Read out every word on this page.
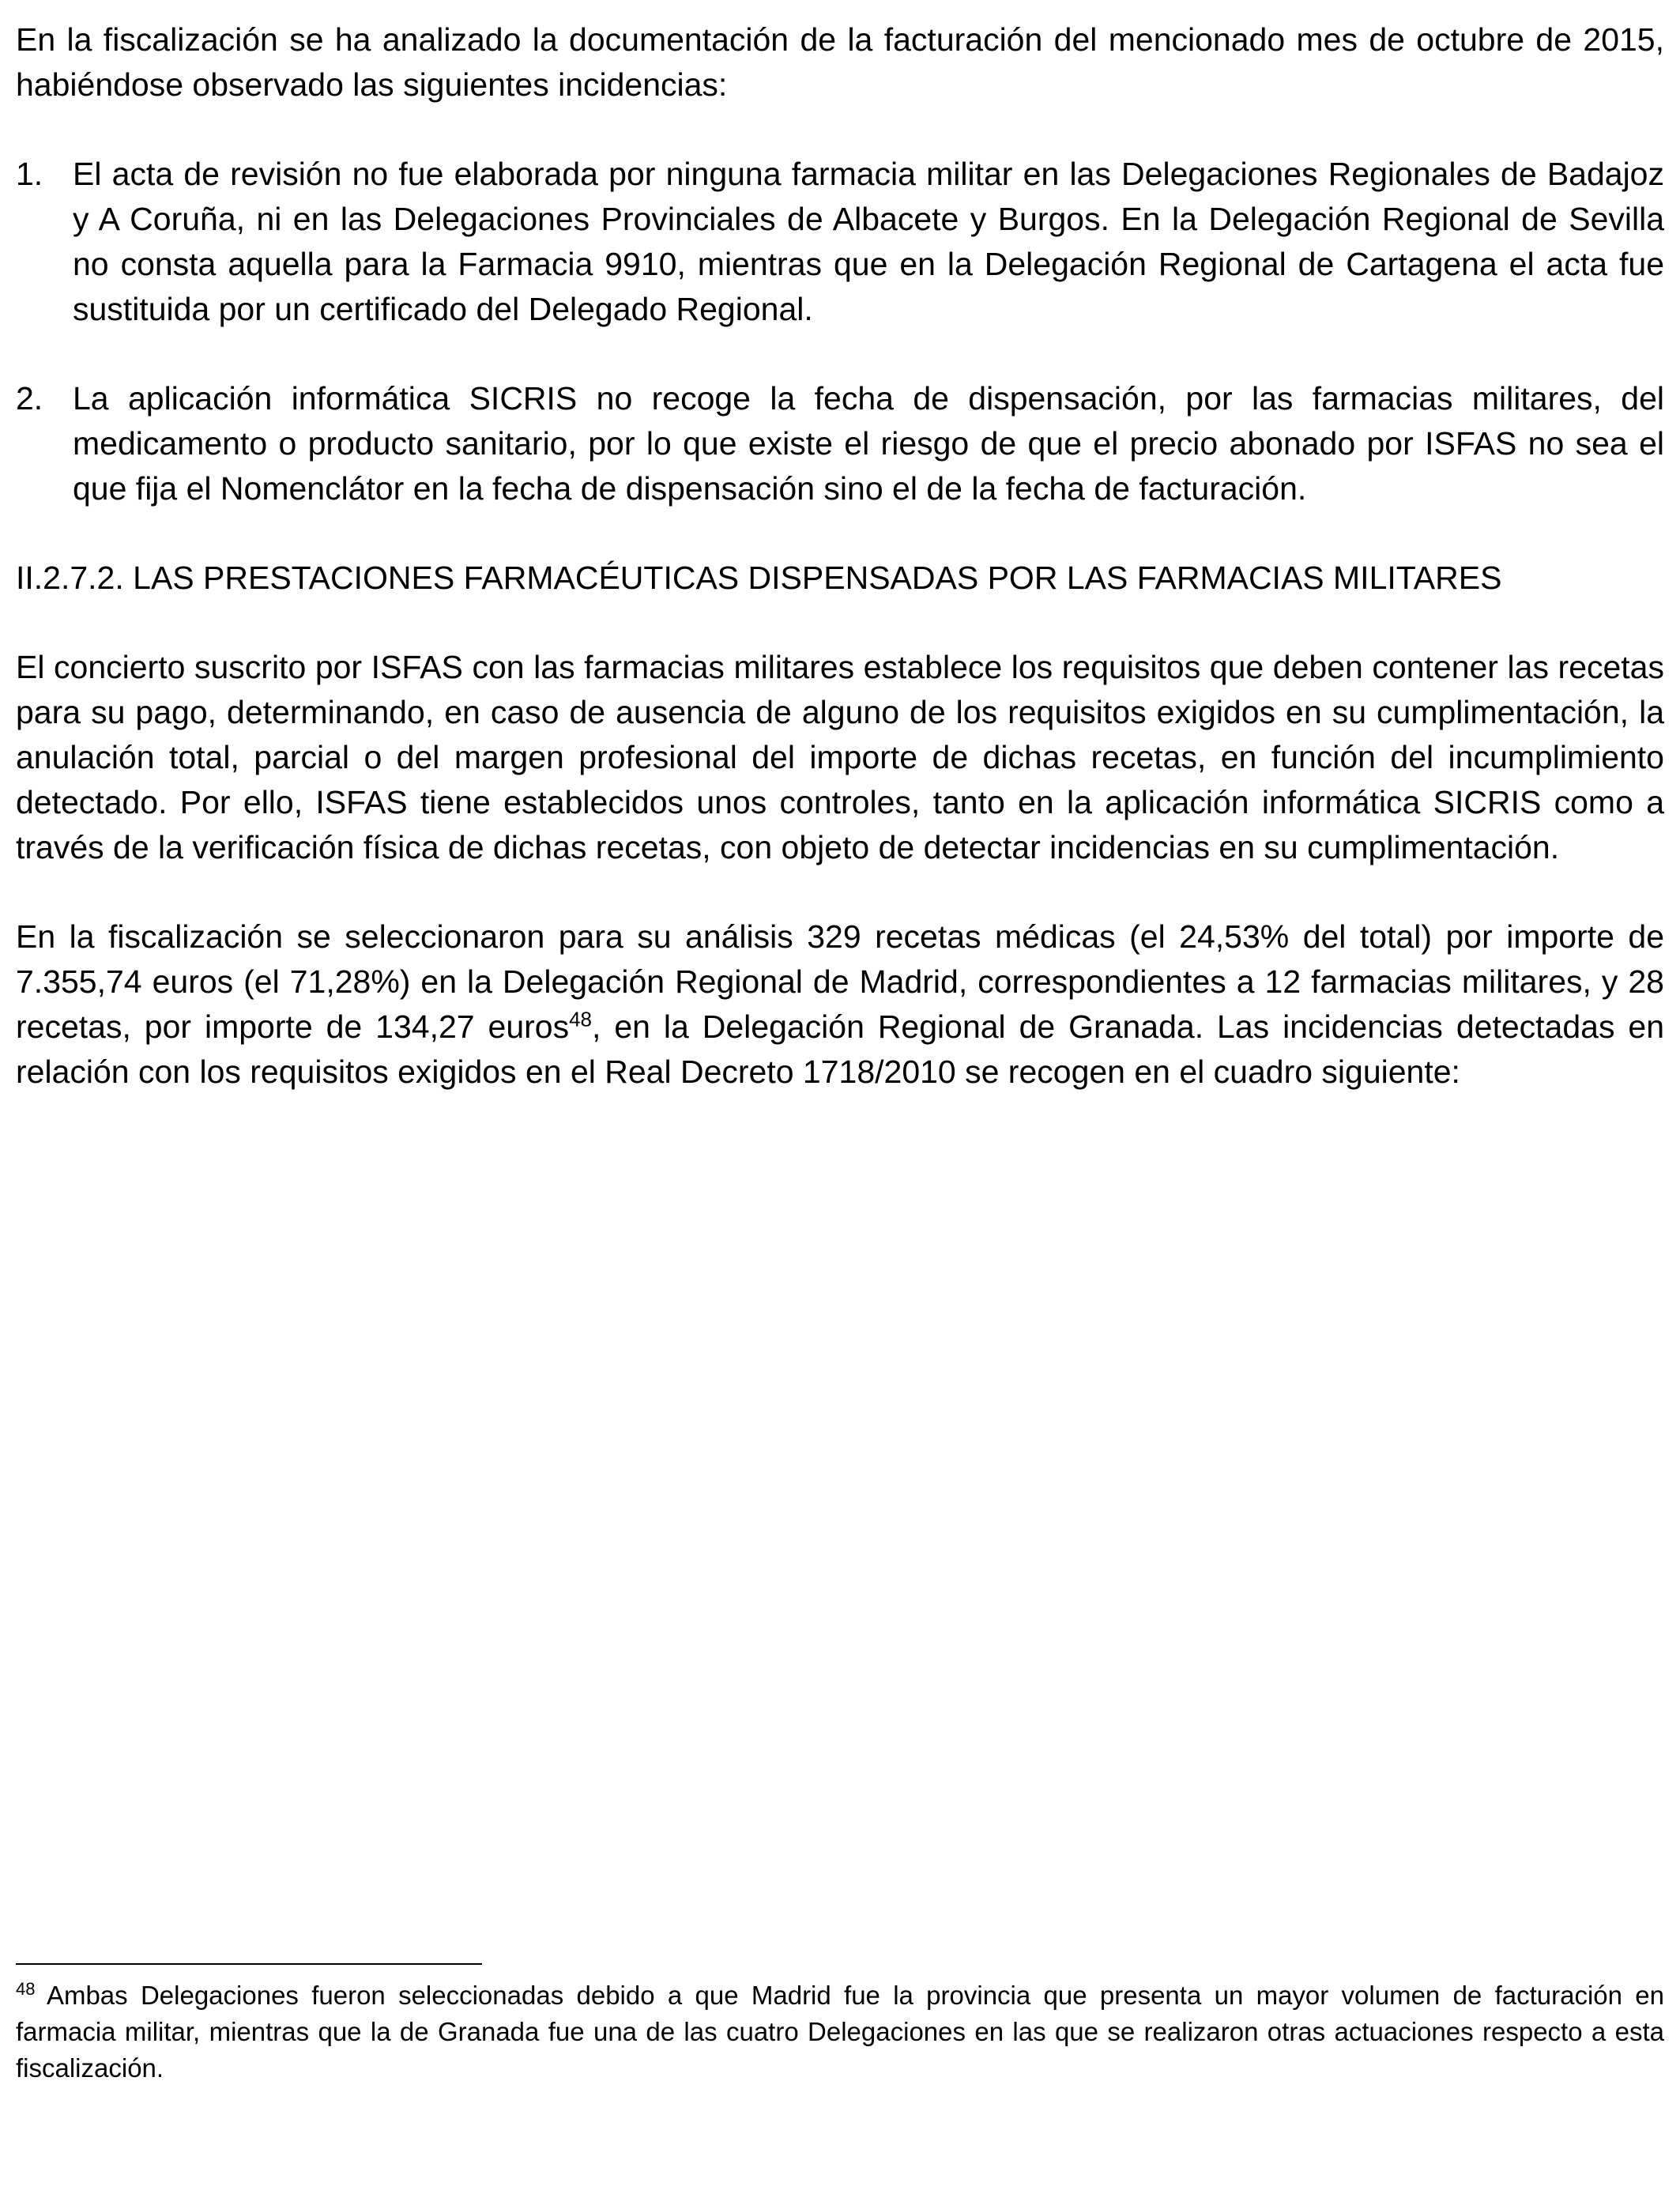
En la fiscalización se ha analizado la documentación de la facturación del mencionado mes de octubre de 2015, habiéndose observado las siguientes incidencias:

1. El acta de revisión no fue elaborada por ninguna farmacia militar en las Delegaciones Regionales de Badajoz y A Coruña, ni en las Delegaciones Provinciales de Albacete y Burgos. En la Delegación Regional de Sevilla no consta aquella para la Farmacia 9910, mientras que en la Delegación Regional de Cartagena el acta fue sustituida por un certificado del Delegado Regional.
2. La aplicación informática SICRIS no recoge la fecha de dispensación, por las farmacias militares, del medicamento o producto sanitario, por lo que existe el riesgo de que el precio abonado por ISFAS no sea el que fija el Nomenclátor en la fecha de dispensación sino el de la fecha de facturación.

II.2.7.2. LAS PRESTACIONES FARMACÉUTICAS DISPENSADAS POR LAS FARMACIAS MILITARES

El concierto suscrito por ISFAS con las farmacias militares establece los requisitos que deben contener las recetas para su pago, determinando, en caso de ausencia de alguno de los requisitos exigidos en su cumplimentación, la anulación total, parcial o del margen profesional del importe de dichas recetas, en función del incumplimiento detectado. Por ello, ISFAS tiene establecidos unos controles, tanto en la aplicación informática SICRIS como a través de la verificación física de dichas recetas, con objeto de detectar incidencias en su cumplimentación.

En la fiscalización se seleccionaron para su análisis 329 recetas médicas (el 24,53% del total) por importe de 7.355,74 euros (el 71,28%) en la Delegación Regional de Madrid, correspondientes a 12 farmacias militares, y 28 recetas, por importe de 134,27 euros$^{48}$, en la Delegación Regional de Granada. Las incidencias detectadas en relación con los requisitos exigidos en el Real Decreto 1718/2010 se recogen en el cuadro siguiente:

$^{48}$ Ambas Delegaciones fueron seleccionadas debido a que Madrid fue la provincia que presenta un mayor volumen de facturación en farmacia militar, mientras que la de Granada fue una de las cuatro Delegaciones en las que se realizaron otras actuaciones respecto a esta fiscalización.
